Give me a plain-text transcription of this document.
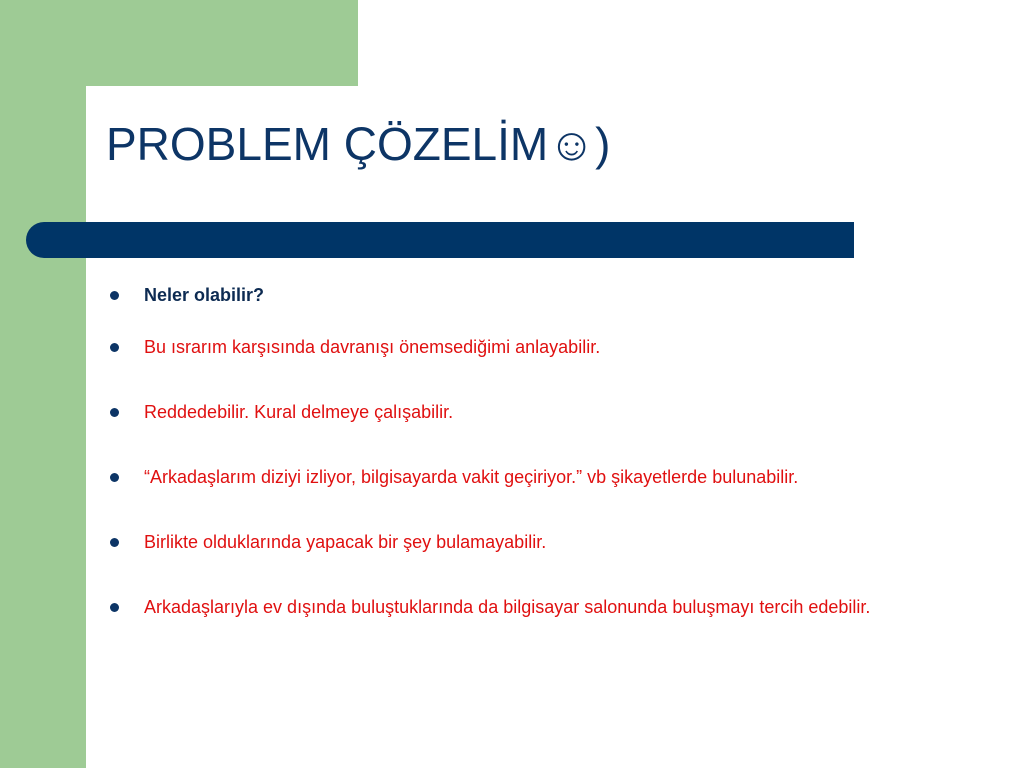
PROBLEM ÇÖZELİM☺)
Neler olabilir?
Bu ısrarım karşısında davranışı önemsediğimi anlayabilir.
Reddedebilir. Kural delmeye çalışabilir.
“Arkadaşlarım diziyi izliyor, bilgisayarda vakit geçiriyor.” vb şikayetlerde bulunabilir.
Birlikte olduklarında yapacak bir şey bulamayabilir.
Arkadaşlarıyla ev dışında buluştuklarında da bilgisayar salonunda buluşmayı tercih edebilir.
